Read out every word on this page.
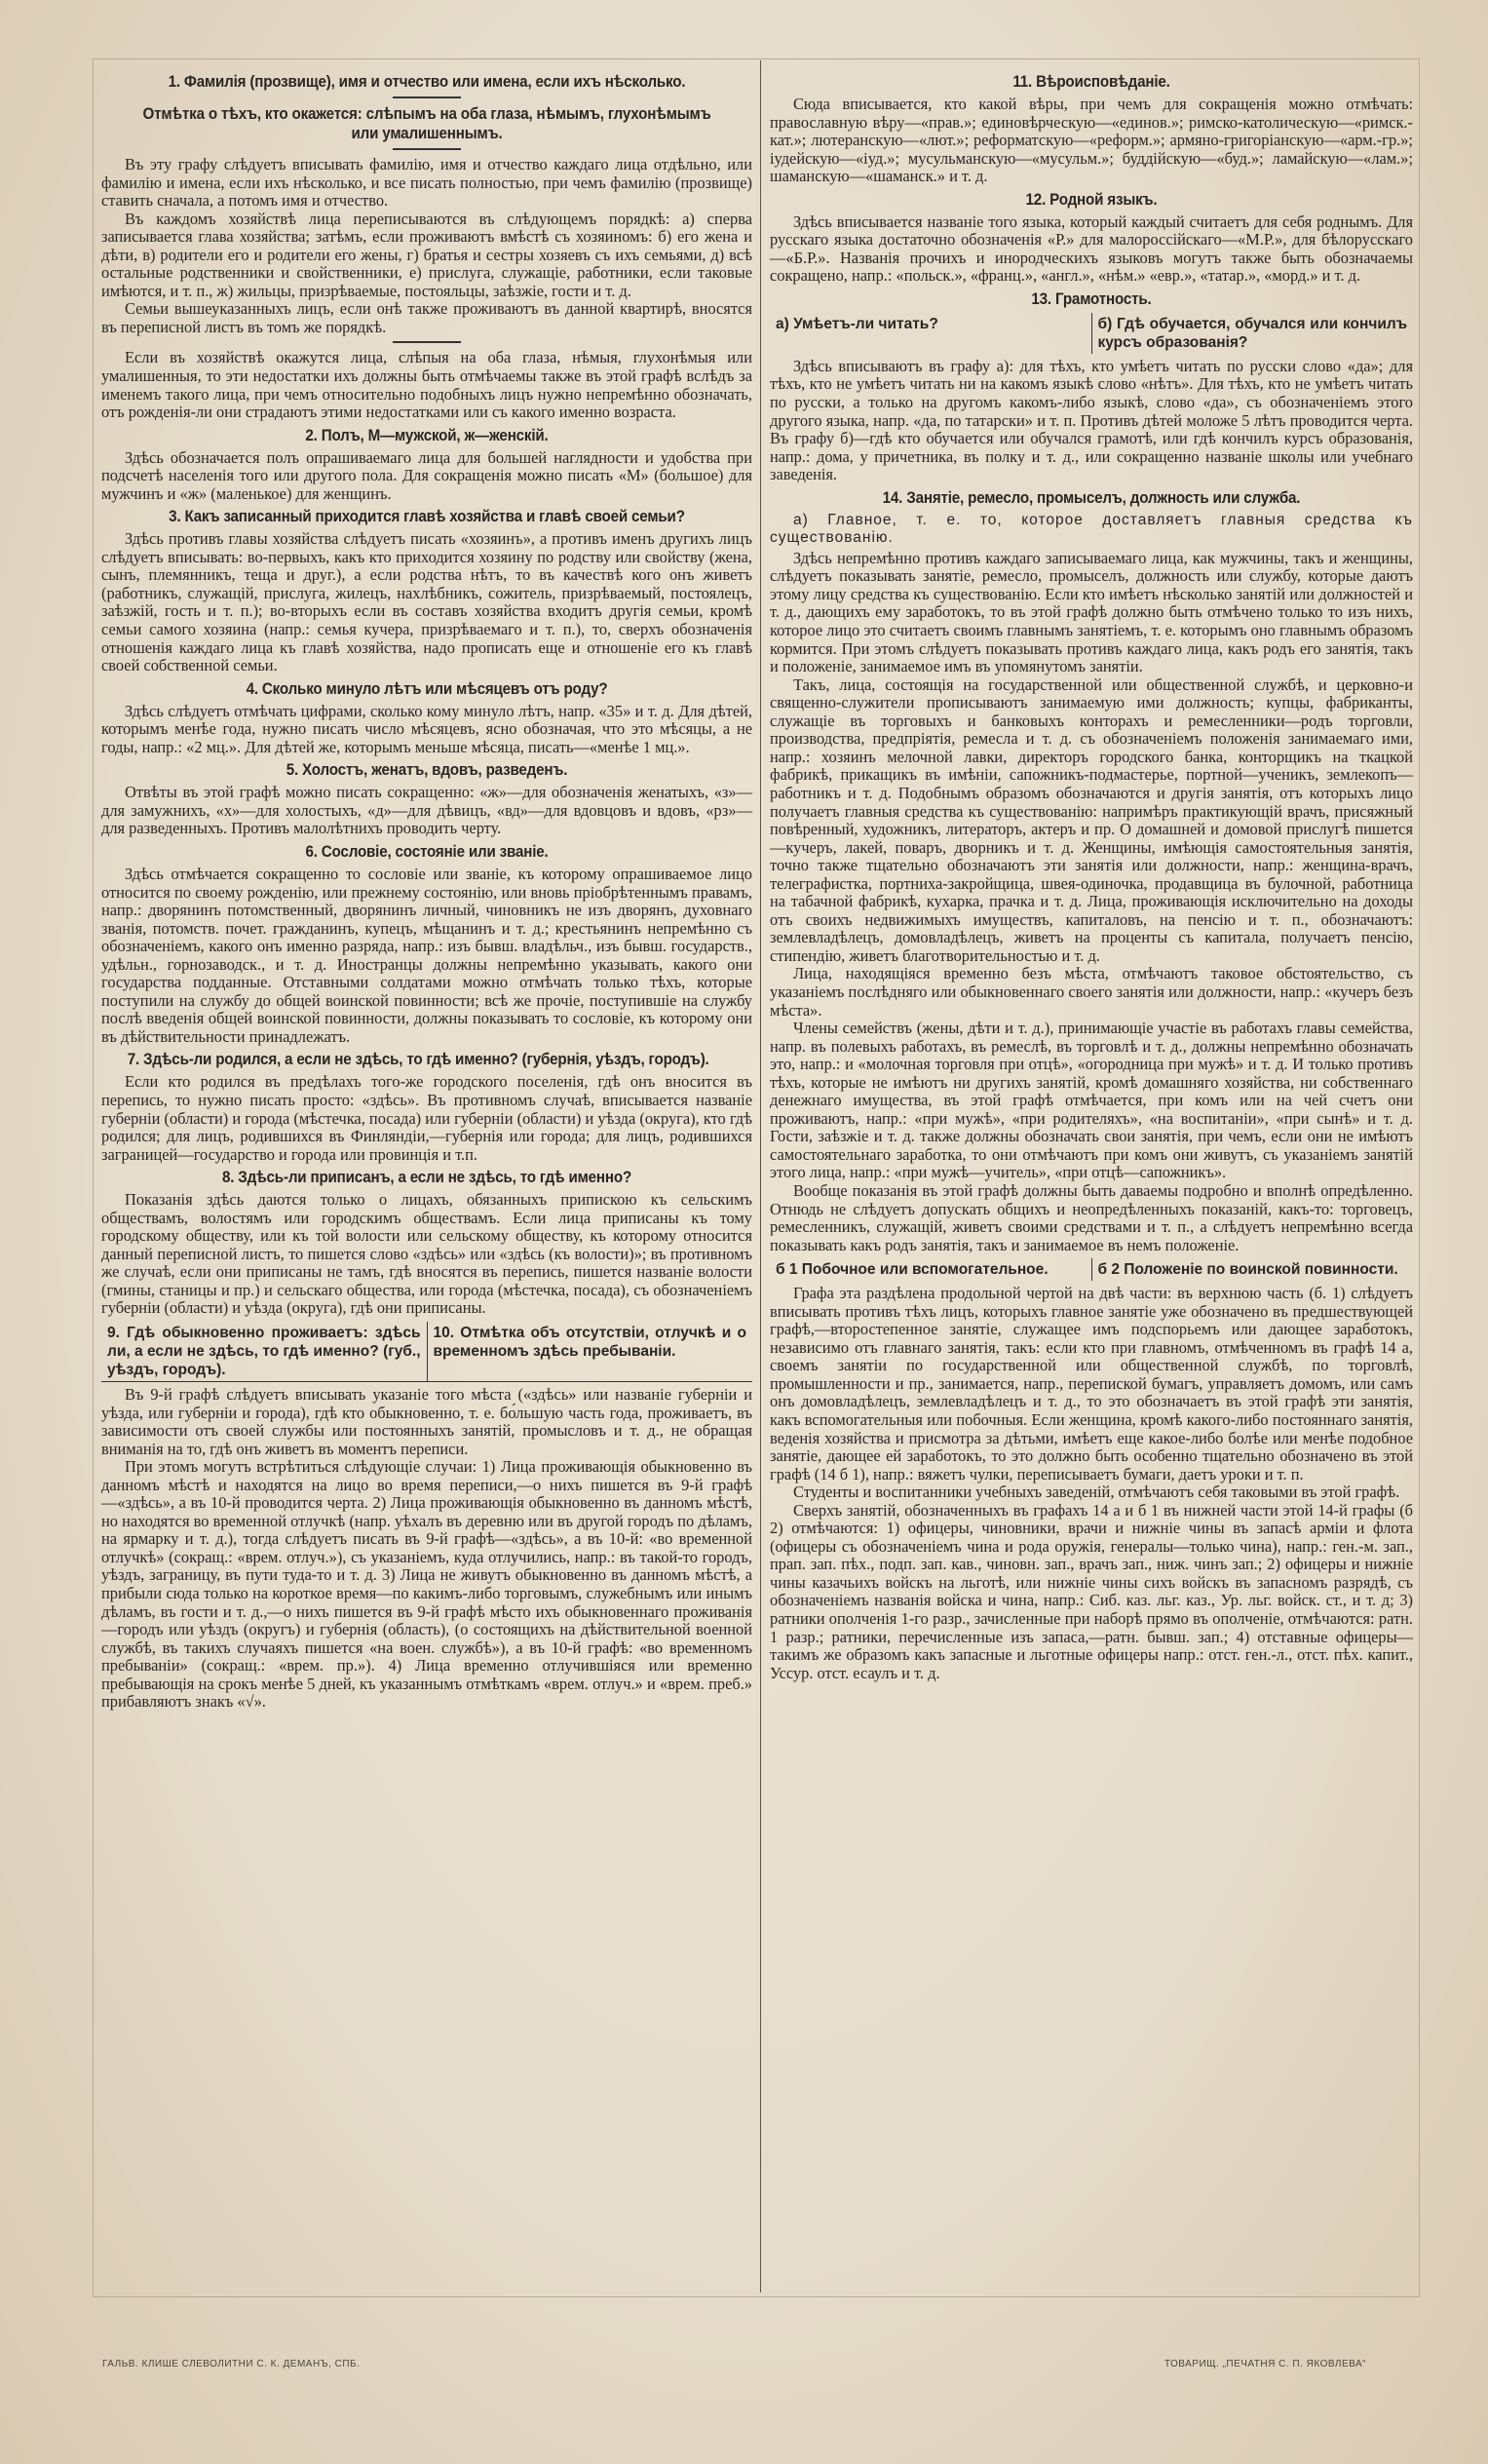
1. Фамилія (прозвище), имя и отчество или имена, если ихъ нѣсколько.
Отмѣтка о тѣхъ, кто окажется: слѣпымъ на оба глаза, нѣмымъ, глухонѣмымъ или умалишеннымъ.
Въ эту графу слѣдуетъ вписывать фамилію, имя и отчество каждаго лица отдѣльно, или фамилію и имена, если ихъ нѣсколько, и все писать полностью, при чемъ фамилію (прозвище) ставить сначала, а потомъ имя и отчество.
Въ каждомъ хозяйствѣ лица переписываются въ слѣдующемъ порядкѣ: а) сперва записывается глава хозяйства; затѣмъ, если проживаютъ вмѣстѣ съ хозяиномъ: б) его жена и дѣти, в) родители его и родители его жены, г) братья и сестры хозяевъ съ ихъ семьями, д) всѣ остальные родственники и свойственники, е) прислуга, служащіе, работники, если таковые имѣются, и т. п., ж) жильцы, призрѣваемые, постояльцы, заѣзжіе, гости и т. д.
Семьи вышеуказанныхъ лицъ, если онѣ также проживаютъ въ данной квартирѣ, вносятся въ переписной листъ въ томъ же порядкѣ.
Если въ хозяйствѣ окажутся лица, слѣпыя на оба глаза, нѣмыя, глухонѣмыя или умалишенныя, то эти недостатки ихъ должны быть отмѣчаемы также въ этой графѣ вслѣдъ за именемъ такого лица, при чемъ относительно подобныхъ лицъ нужно непремѣнно обозначать, отъ рожденія-ли они страдаютъ этими недостатками или съ какого именно возраста.
2. Полъ, М—мужской, ж—женскій.
Здѣсь обозначается полъ опрашиваемаго лица для большей наглядности и удобства при подсчетѣ населенія того или другого пола. Для сокращенія можно писать «М» (большое) для мужчинъ и «ж» (маленькое) для женщинъ.
3. Какъ записанный приходится главѣ хозяйства и главѣ своей семьи?
Здѣсь противъ главы хозяйства слѣдуетъ писать «хозяинъ», а противъ именъ другихъ лицъ слѣдуетъ вписывать: во-первыхъ, какъ кто приходится хозяину по родству или свойству (жена, сынъ, племянникъ, теща и друг.), а если родства нѣтъ, то въ качествѣ кого онъ живетъ (работникъ, служащій, прислуга, жилецъ, нахлѣбникъ, сожитель, призрѣваемый, постоялецъ, заѣзжій, гость и т. п.); во-вторыхъ если въ составъ хозяйства входитъ другія семьи, кромѣ семьи самого хозяина (напр.: семья кучера, призрѣваемаго и т. п.), то, сверхъ обозначенія отношенія каждаго лица къ главѣ хозяйства, надо прописать еще и отношеніе его къ главѣ своей собственной семьи.
4. Сколько минуло лѣтъ или мѣсяцевъ отъ роду?
Здѣсь слѣдуетъ отмѣчать цифрами, сколько кому минуло лѣтъ, напр. «35» и т. д. Для дѣтей, которымъ менѣе года, нужно писать число мѣсяцевъ, ясно обозначая, что это мѣсяцы, а не годы, напр.: «2 мц.». Для дѣтей же, которымъ меньше мѣсяца, писать—«менѣе 1 мц.».
5. Холостъ, женатъ, вдовъ, разведенъ.
Отвѣты въ этой графѣ можно писать сокращенно: «ж»—для обозначенія женатыхъ, «з»—для замужнихъ, «х»—для холостыхъ, «д»—для дѣвицъ, «вд»—для вдовцовъ и вдовъ, «рз»—для разведенныхъ. Противъ малолѣтнихъ проводить черту.
6. Сословіе, состояніе или званіе.
Здѣсь отмѣчается сокращенно то сословіе или званіе, къ которому опрашиваемое лицо относится по своему рожденію, или прежнему состоянію, или вновь пріобрѣтеннымъ правамъ, напр.: дворянинъ потомственный, дворянинъ личный, чиновникъ не изъ дворянъ, духовнаго званія, потомств. почет. гражданинъ, купецъ, мѣщанинъ и т. д.; крестьянинъ непремѣнно съ обозначеніемъ, какого онъ именно разряда, напр.: изъ бывш. владѣльч., изъ бывш. государств., удѣльн., горнозаводск., и т. д. Иностранцы должны непремѣнно указывать, какого они государства подданные. Отставными солдатами можно отмѣчать только тѣхъ, которые поступили на службу до общей воинской повинности; всѣ же прочіе, поступившіе на службу послѣ введенія общей воинской повинности, должны показывать то сословіе, къ которому они въ дѣйствительности принадлежатъ.
7. Здѣсь-ли родился, а если не здѣсь, то гдѣ именно? (губернія, уѣздъ, городъ).
Если кто родился въ предѣлахъ того-же городского поселенія, гдѣ онъ вносится въ перепись, то нужно писать просто: «здѣсь». Въ противномъ случаѣ, вписывается названіе губерніи (области) и города (мѣстечка, посада) или губерніи (области) и уѣзда (округа), кто гдѣ родился; для лицъ, родившихся въ Финляндіи,—губернія или города; для лицъ, родившихся заграницей—государство и города или провинція и т.п.
8. Здѣсь-ли приписанъ, а если не здѣсь, то гдѣ именно?
Показанія здѣсь даются только о лицахъ, обязанныхъ припискою къ сельскимъ обществамъ, волостямъ или городскимъ обществамъ. Если лица приписаны къ тому городскому обществу, или къ той волости или сельскому обществу, къ которому относится данный переписной листъ, то пишется слово «здѣсь» или «здѣсь (къ волости)»; въ противномъ же случаѣ, если они приписаны не тамъ, гдѣ вносятся въ перепись, пишется названіе волости (гмины, станицы и пр.) и сельскаго общества, или города (мѣстечка, посада), съ обозначеніемъ губерніи (области) и уѣзда (округа), гдѣ они приписаны.
9. Гдѣ обыкновенно проживаетъ: здѣсь ли, а если не здѣсь, то гдѣ именно? (губ., уѣздъ, городъ).
10. Отмѣтка объ отсутствіи, отлучкѣ и о временномъ здѣсь пребываніи.
Въ 9-й графѣ слѣдуетъ вписывать указаніе того мѣста («здѣсь» или названіе губерніи и уѣзда, или губерніи и города), гдѣ кто обыкновенно, т. е. бо́льшую часть года, проживаетъ, въ зависимости отъ своей службы или постоянныхъ занятій, промысловъ и т. д., не обращая вниманія на то, гдѣ онъ живетъ въ моментъ переписи.
При этомъ могутъ встрѣтиться слѣдующіе случаи: 1) Лица проживающія обыкновенно въ данномъ мѣстѣ и находятся на лицо во время переписи,—о нихъ пишется въ 9-й графѣ—«здѣсь», а въ 10-й проводится черта. 2) Лица проживающія обыкновенно въ данномъ мѣстѣ, но находятся во временной отлучкѣ (напр. уѣхалъ въ деревню или въ другой городъ по дѣламъ, на ярмарку и т. д.), тогда слѣдуетъ писать въ 9-й графѣ—«здѣсь», а въ 10-й: «во временной отлучкѣ» (сокращ.: «врем. отлуч.»), съ указаніемъ, куда отлучились, напр.: въ такой-то городъ, уѣздъ, заграницу, въ пути туда-то и т. д. 3) Лица не живутъ обыкновенно въ данномъ мѣстѣ, а прибыли сюда только на короткое время—по какимъ-либо торговымъ, служебнымъ или инымъ дѣламъ, въ гости и т. д.,—о нихъ пишется въ 9-й графѣ мѣсто ихъ обыкновеннаго проживанія—городъ или уѣздъ (округъ) и губернія (область), (о состоящихъ на дѣйствительной военной службѣ, въ такихъ случаяхъ пишется «на воен. службѣ»), а въ 10-й графѣ: «во временномъ пребываніи» (сокращ.: «врем. пр.»). 4) Лица временно отлучившіяся или временно пребывающія на срокъ менѣе 5 дней, къ указаннымъ отмѣткамъ «врем. отлуч.» и «врем. преб.» прибавляютъ знакъ «√».
11. Вѣроисповѣданіе.
Сюда вписывается, кто какой вѣры, при чемъ для сокращенія можно отмѣчать: православную вѣру—«прав.»; единовѣрческую—«единов.»; римско-католическую—«римск.-кат.»; лютеранскую—«лют.»; реформатскую—«реформ.»; армяно-григоріанскую—«арм.-гр.»; іудейскую—«іуд.»; мусульманскую—«мусульм.»; буддійскую—«буд.»; ламайскую—«лам.»; шаманскую—«шаманск.» и т. д.
12. Родной языкъ.
Здѣсь вписывается названіе того языка, который каждый считаетъ для себя роднымъ. Для русскаго языка достаточно обозначенія «Р.» для малороссійскаго—«М.Р.», для бѣлорусскаго—«Б.Р.». Названія прочихъ и инородческихъ языковъ могутъ также быть обозначаемы сокращено, напр.: «польск.», «франц.», «англ.», «нѣм.» «евр.», «татар.», «морд.» и т. д.
13. Грамотность.
а) Умѣетъ-ли читать?	б) Гдѣ обучается, обучался или кончилъ курсъ образованія?
Здѣсь вписываютъ въ графу а): для тѣхъ, кто умѣетъ читать по русски слово «да»; для тѣхъ, кто не умѣетъ читать ни на какомъ языкѣ слово «нѣтъ». Для тѣхъ, кто не умѣетъ читать по русски, а только на другомъ какомъ-либо языкѣ, слово «да», съ обозначеніемъ этого другого языка, напр. «да, по татарски» и т. п. Противъ дѣтей моложе 5 лѣтъ проводится черта. Въ графу б)—гдѣ кто обучается или обучался грамотѣ, или гдѣ кончилъ курсъ образованія, напр.: дома, у причетника, въ полку и т. д., или сокращенно названіе школы или учебнаго заведенія.
14. Занятіе, ремесло, промыселъ, должность или служба.
а) Главное, т. е. то, которое доставляетъ главныя средства къ существованію.
Здѣсь непремѣнно противъ каждаго записываемаго лица, как мужчины, такъ и женщины, слѣдуетъ показывать занятіе, ремесло, промыселъ, должность или службу, которые даютъ этому лицу средства къ существованію. Если кто имѣетъ нѣсколько занятій или должностей и т. д., дающихъ ему заработокъ, то въ этой графѣ должно быть отмѣчено только то изъ нихъ, которое лицо это считаетъ своимъ главнымъ занятіемъ, т. е. которымъ оно главнымъ образомъ кормится. При этомъ слѣдуетъ показывать противъ каждаго лица, какъ родъ его занятія, такъ и положеніе, занимаемое имъ въ упомянутомъ занятіи.
Такъ, лица, состоящія на государственной или общественной службѣ, и церковно-и священно-служители прописываютъ занимаемую ими должность; купцы, фабриканты, служащіе въ торговыхъ и банковыхъ конторахъ и ремесленники—родъ торговли, производства, предпріятія, ремесла и т. д. съ обозначеніемъ положенія занимаемаго ими, напр.: хозяинъ мелочной лавки, директоръ городского банка, конторщикъ на ткацкой фабрикѣ, прикащикъ въ имѣніи, сапожникъ-подмастерье, портной—ученикъ, землекопъ—работникъ и т. д. Подобнымъ образомъ обозначаются и другія занятія, отъ которыхъ лицо получаетъ главныя средства къ существованію: напримѣръ практикующій врачъ, присяжный повѣренный, художникъ, литераторъ, актеръ и пр. О домашней и домовой прислугѣ пишется—кучеръ, лакей, поваръ, дворникъ и т. д. Женщины, имѣющія самостоятельныя занятія, точно также тщательно обозначаютъ эти занятія или должности, напр.: женщина-врачъ, телеграфистка, портниха-закройщица, швея-одиночка, продавщица въ булочной, работница на табачной фабрикѣ, кухарка, прачка и т. д. Лица, проживающія исключительно на доходы отъ своихъ недвижимыхъ имуществъ, капиталовъ, на пенсію и т. п., обозначаютъ: землевладѣлецъ, домовладѣлецъ, живетъ на проценты съ капитала, получаетъ пенсію, стипендію, живетъ благотворительностью и т. д.
Лица, находящіяся временно безъ мѣста, отмѣчаютъ таковое обстоятельство, съ указаніемъ послѣдняго или обыкновеннаго своего занятія или должности, напр.: «кучеръ безъ мѣста».
Члены семействъ (жены, дѣти и т. д.), принимающіе участіе въ работахъ главы семейства, напр. въ полевыхъ работахъ, въ ремеслѣ, въ торговлѣ и т. д., должны непремѣнно обозначать это, напр.: и «молочная торговля при отцѣ», «огородница при мужѣ» и т. д. И только противъ тѣхъ, которые не имѣютъ ни другихъ занятій, кромѣ домашняго хозяйства, ни собственнаго денежнаго имущества, въ этой графѣ отмѣчается, при комъ или на чей счетъ они проживаютъ, напр.: «при мужѣ», «при родителяхъ», «на воспитаніи», «при сынѣ» и т. д. Гости, заѣзжіе и т. д. также должны обозначать свои занятія, при чемъ, если они не имѣютъ самостоятельнаго заработка, то они отмѣчаютъ при комъ они живутъ, съ указаніемъ занятій этого лица, напр.: «при мужѣ—учитель», «при отцѣ—сапожникъ».
Вообще показанія въ этой графѣ должны быть даваемы подробно и вполнѣ опредѣленно. Отнюдь не слѣдуетъ допускать общихъ и неопредѣленныхъ показаній, какъ-то: торговецъ, ремесленникъ, служащій, живетъ своими средствами и т. п., а слѣдуетъ непремѣнно всегда показывать какъ родъ занятія, такъ и занимаемое въ немъ положеніе.
б 1 Побочное или вспомогательное.	б 2 Положеніе по воинской повинности.
Графа эта раздѣлена продольной чертой на двѣ части: въ верхнюю часть (б. 1) слѣдуетъ вписывать противъ тѣхъ лицъ, которыхъ главное занятіе уже обозначено въ предшествующей графѣ,—второстепенное занятіе, служащее имъ подспорьемъ или дающее заработокъ, независимо отъ главнаго занятія, такъ: если кто при главномъ, отмѣченномъ въ графѣ 14 а, своемъ занятіи по государственной или общественной службѣ, по торговлѣ, промышленности и пр., занимается, напр., перепиской бумагъ, управляетъ домомъ, или самъ онъ домовладѣлецъ, землевладѣлецъ и т. д., то это обозначаетъ въ этой графѣ эти занятія, какъ вспомогательныя или побочныя. Если женщина, кромѣ какого-либо постояннаго занятія, веденія хозяйства и присмотра за дѣтьми, имѣетъ еще какое-либо болѣе или менѣе подобное занятіе, дающее ей заработокъ, то это должно быть особенно тщательно обозначено въ этой графѣ (14 б 1), напр.: вяжетъ чулки, переписываетъ бумаги, даетъ уроки и т. п.
Студенты и воспитанники учебныхъ заведеній, отмѣчаютъ себя таковыми въ этой графѣ.
Сверхъ занятій, обозначенныхъ въ графахъ 14 а и б 1 въ нижней части этой 14-й графы (б 2) отмѣчаются: 1) офицеры, чиновники, врачи и нижніе чины въ запасѣ арміи и флота (офицеры съ обозначеніемъ чина и рода оружія, генералы—только чина), напр.: ген.-м. зап., прап. зап. пѣх., подп. зап. кав., чиновн. зап., врачъ зап., ниж. чинъ зап.; 2) офицеры и нижніе чины казачьихъ войскъ на льготѣ, или нижніе чины сихъ войскъ въ запасномъ разрядѣ, съ обозначеніемъ названія войска и чина, напр.: Сиб. каз. льг. каз., Ур. льг. войск. ст., и т. д; 3) ратники ополченія 1-го разр., зачисленные при наборѣ прямо въ ополченіе, отмѣчаются: ратн. 1 разр.; ратники, перечисленные изъ запаса,—ратн. бывш. зап.; 4) отставные офицеры—такимъ же образомъ какъ запасные и льготные офицеры напр.: отст. ген.-л., отст. пѣх. капит., Уссур. отст. есаулъ и т. д.
ГАЛЬВ. КЛИШЕ СЛЕВОЛИТНИ С. К. ДЕМАНЪ, СПБ.	ТОВАРИЩ. „ПЕЧАТНЯ С. П. ЯКОВЛЕВА“
